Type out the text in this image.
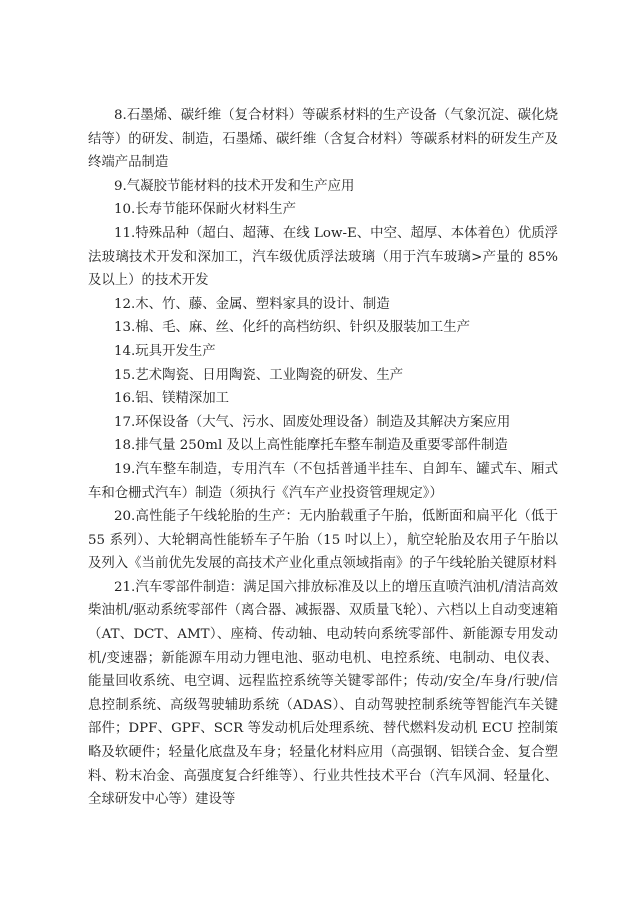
8.石墨烯、碳纤维（复合材料）等碳系材料的生产设备（气象沉淀、碳化烧结等）的研发、制造，石墨烯、碳纤维（含复合材料）等碳系材料的研发生产及终端产品制造

9.气凝胶节能材料的技术开发和生产应用

10.长寿节能环保耐火材料生产

11.特殊品种（超白、超薄、在线 Low-E、中空、超厚、本体着色）优质浮法玻璃技术开发和深加工，汽车级优质浮法玻璃（用于汽车玻璃>产量的 85%及以上）的技术开发

12.木、竹、藤、金属、塑料家具的设计、制造

13.棉、毛、麻、丝、化纤的高档纺织、针织及服装加工生产

14.玩具开发生产

15.艺术陶瓷、日用陶瓷、工业陶瓷的研发、生产

16.铝、镁精深加工

17.环保设备（大气、污水、固废处理设备）制造及其解决方案应用

18.排气量 250ml 及以上高性能摩托车整车制造及重要零部件制造

19.汽车整车制造，专用汽车（不包括普通半挂车、自卸车、罐式车、厢式车和仓栅式汽车）制造（须执行《汽车产业投资管理规定》）

20.高性能子午线轮胎的生产：无内胎载重子午胎，低断面和扁平化（低于 55 系列）、大轮辋高性能轿车子午胎（15 吋以上），航空轮胎及农用子午胎以及列入《当前优先发展的高技术产业化重点领域指南》的子午线轮胎关键原材料

21.汽车零部件制造：满足国六排放标准及以上的增压直喷汽油机/清洁高效柴油机/驱动系统零部件（离合器、减振器、双质量飞轮）、六档以上自动变速箱（AT、DCT、AMT）、座椅、传动轴、电动转向系统零部件、新能源专用发动机/变速器；新能源车用动力锂电池、驱动电机、电控系统、电制动、电仪表、能量回收系统、电空调、远程监控系统等关键零部件；传动/安全/车身/行驶/信息控制系统、高级驾驶辅助系统（ADAS）、自动驾驶控制系统等智能汽车关键部件；DPF、GPF、SCR 等发动机后处理系统、替代燃料发动机 ECU 控制策略及软硬件；轻量化底盘及车身；轻量化材料应用（高强钢、铝镁合金、复合塑料、粉末冶金、高强度复合纤维等）、行业共性技术平台（汽车风洞、轻量化、全球研发中心等）建设等
